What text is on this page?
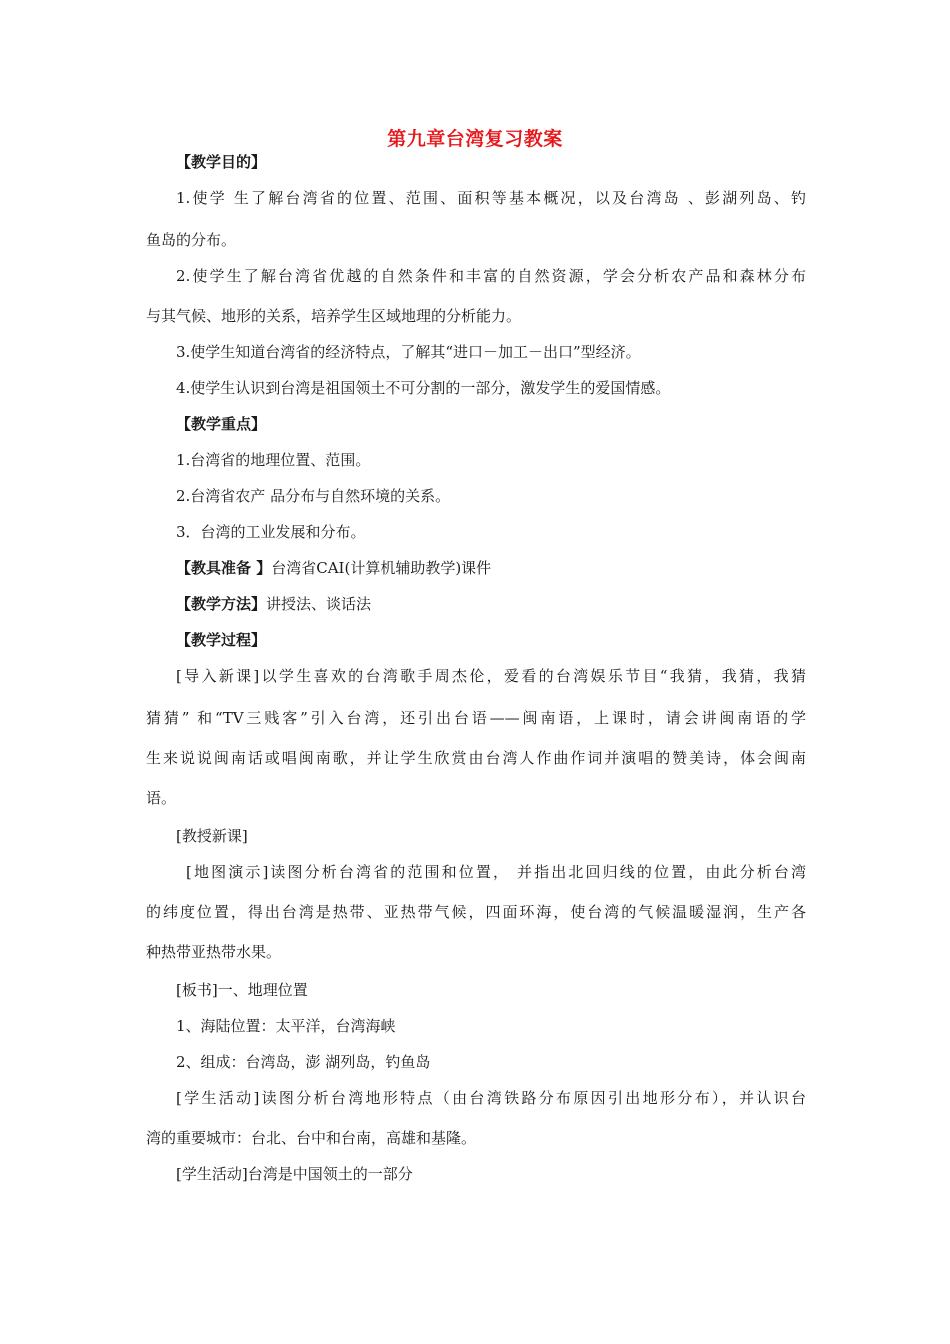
第九章台湾复习教案
【教学目的】
1.使学 生了解台湾省的位置、范围、面积等基本概况，以及台湾岛 、彭湖列岛、钓
鱼岛的分布。
2.使学生了解台湾省优越的自然条件和丰富的自然资源，学会分析农产品和森林分布
与其气候、地形的关系，培养学生区域地理的分析能力。
3.使学生知道台湾省的经济特点，了解其“进口－加工－出口”型经济。
4.使学生认识到台湾是祖国领土不可分割的一部分，激发学生的爱国情感。
【教学重点】
1.台湾省的地理位置、范围。
2.台湾省农产 品分布与自然环境的关系。
3．台湾的工业发展和分布。
【教具准备 】台湾省CAI(计算机辅助教学)课件
【教学方法】讲授法、谈话法
【教学过程】
[导入新课]以学生喜欢的台湾歌手周杰伦，爱看的台湾娱乐节目“我猜，我猜，我猜
猜猜” 和“TV三贱客”引入台湾，还引出台语——闽南语，上课时，请会讲闽南语的学
生来说说闽南话或唱闽南歌，并让学生欣赏由台湾人作曲作词并演唱的赞美诗，体会闽南
语。
[教授新课]
[地图演示]读图分析台湾省的范围和位置， 并指出北回归线的位置，由此分析台湾
的纬度位置，得出台湾是热带、亚热带气候，四面环海，使台湾的气候温暖湿润，生产各
种热带亚热带水果。
[板书]一、地理位置
1、海陆位置：太平洋，台湾海峡
2、组成：台湾岛，澎 湖列岛，钓鱼岛
[学生活动]读图分析台湾地形特点（由台湾铁路分布原因引出地形分布），并认识台
湾的重要城市：台北、台中和台南，高雄和基隆。
[学生活动]台湾是中国领土的一部分
